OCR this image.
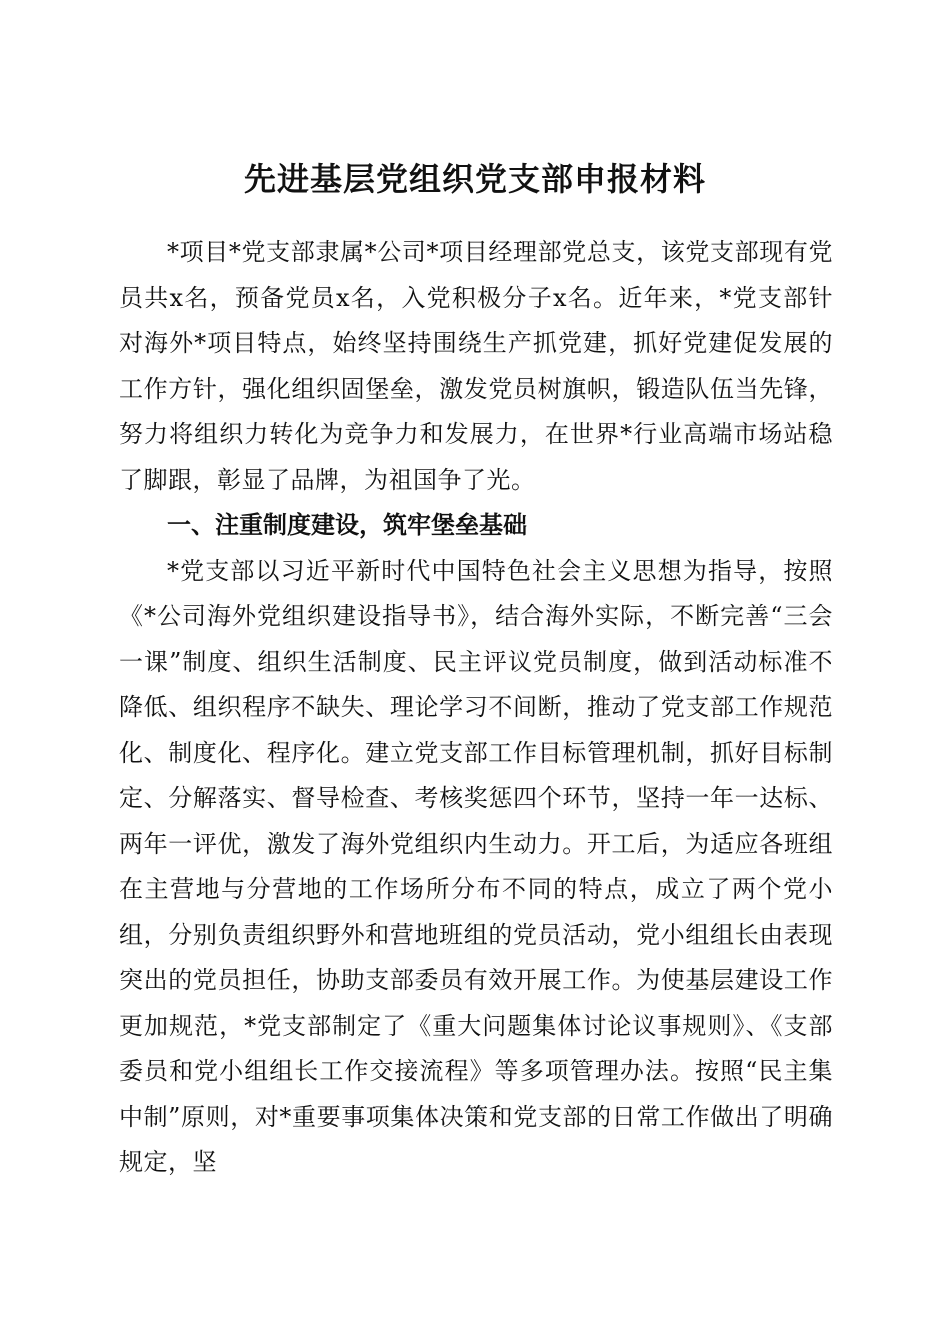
先进基层党组织党支部申报材料

*项目*党支部隶属*公司*项目经理部党总支，该党支部现有党员共x名，预备党员x名，入党积极分子x名。近年来，*党支部针对海外*项目特点，始终坚持围绕生产抓党建，抓好党建促发展的工作方针，强化组织固堡垒，激发党员树旗帜，锻造队伍当先锋，努力将组织力转化为竞争力和发展力，在世界*行业高端市场站稳了脚跟，彰显了品牌，为祖国争了光。

一、注重制度建设，筑牢堡垒基础

*党支部以习近平新时代中国特色社会主义思想为指导，按照《*公司海外党组织建设指导书》，结合海外实际，不断完善“三会一课”制度、组织生活制度、民主评议党员制度，做到活动标准不降低、组织程序不缺失、理论学习不间断，推动了党支部工作规范化、制度化、程序化。建立党支部工作目标管理机制，抓好目标制定、分解落实、督导检查、考核奖惩四个环节，坚持一年一达标、两年一评优，激发了海外党组织内生动力。开工后，为适应各班组在主营地与分营地的工作场所分布不同的特点，成立了两个党小组，分别负责组织野外和营地班组的党员活动，党小组组长由表现突出的党员担任，协助支部委员有效开展工作。为使基层建设工作更加规范，*党支部制定了《重大问题集体讨论议事规则》、《支部委员和党小组组长工作交接流程》等多项管理办法。按照“民主集中制”原则，对*重要事项集体决策和党支部的日常工作做出了明确规定，坚
